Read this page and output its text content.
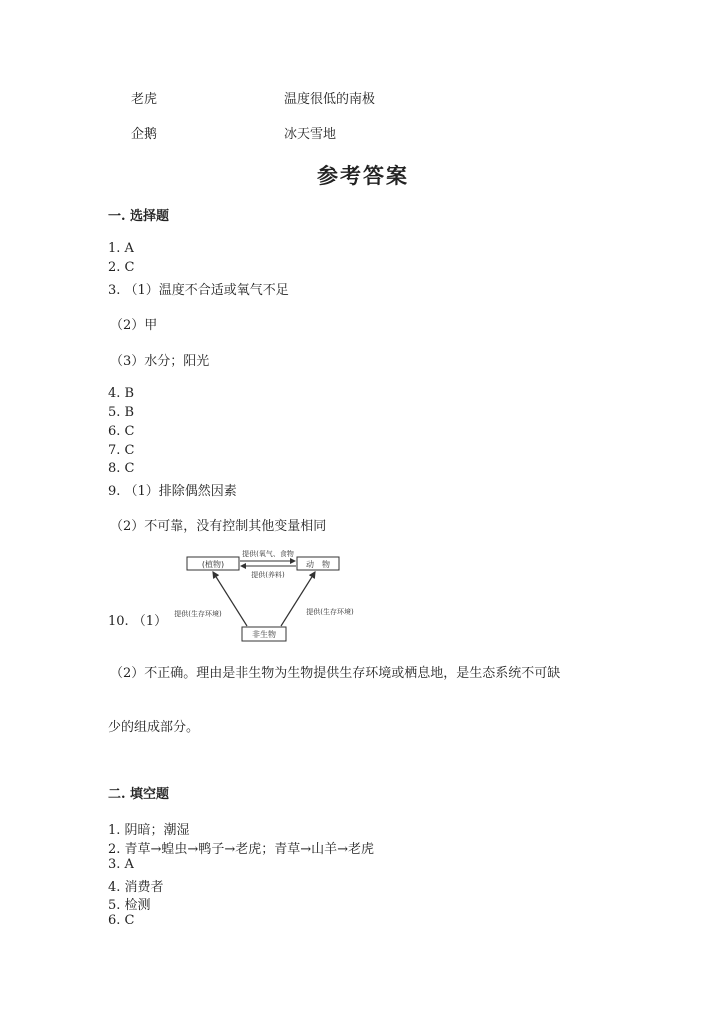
老虎	温度很低的南极
企鹅	冰天雪地
参考答案
一. 选择题
1. A
2. C
3. （1）温度不合适或氧气不足
（2）甲
（3）水分；阳光
4. B
5. B
6. C
7. C
8. C
9. （1）排除偶然因素
（2）不可靠，没有控制其他变量相同
10. （1）
(植物)	动　物
非生物
提供(氧气、食物
提供(养料)
提供(生存环境)	提供(生存环境)
（2）不正确。理由是非生物为生物提供生存环境或栖息地，是生态系统不可缺
少的组成部分。
二. 填空题
1. 阴暗；潮湿
2. 青草→蝗虫→鸭子→老虎；青草→山羊→老虎
3. A
4. 消费者
5. 检测
6. C
